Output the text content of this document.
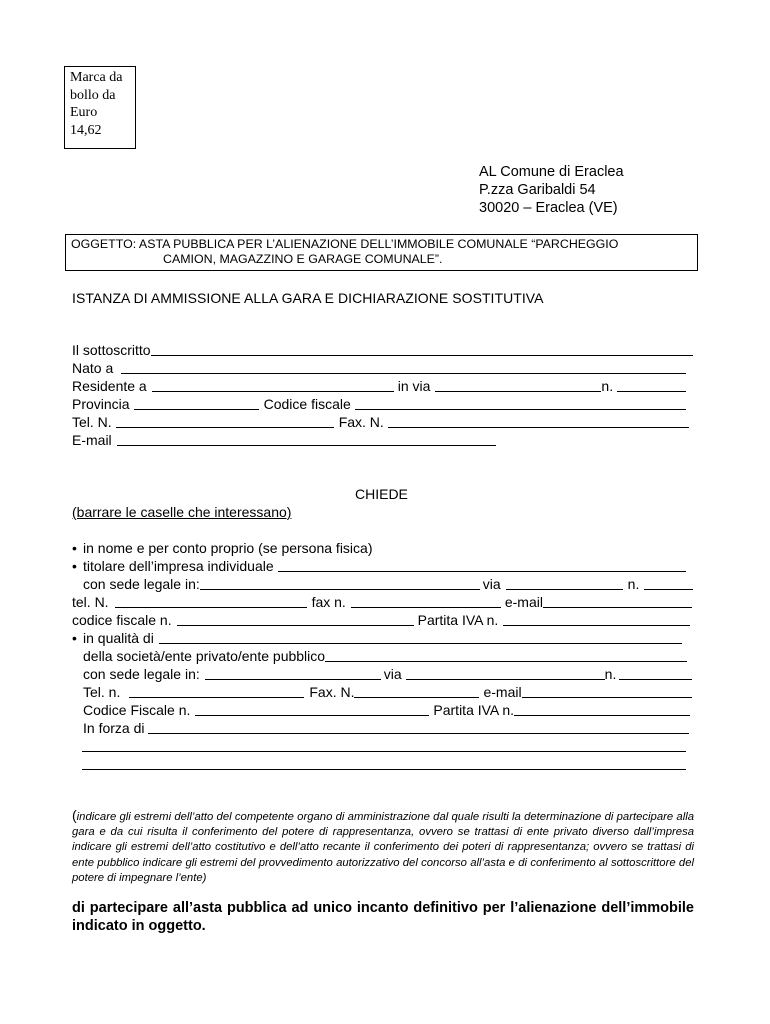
Marca da
bollo da
Euro
14,62
AL Comune di Eraclea
P.zza Garibaldi 54
30020 – Eraclea (VE)
OGGETTO: ASTA PUBBLICA PER L’ALIENAZIONE DELL’IMMOBILE COMUNALE “PARCHEGGIO
CAMION, MAGAZZINO E GARAGE COMUNALE”.
ISTANZA DI AMMISSIONE ALLA GARA E DICHIARAZIONE SOSTITUTIVA
Il sottoscritto
Nato a
Residente a	in via	n.
Provincia	Codice fiscale
Tel. N.	Fax. N.
E-mail
CHIEDE
(barrare le caselle che interessano)
• in nome e per conto proprio (se persona fisica)
• titolare dell’impresa individuale
con sede legale in:	via	n.
tel. N.	fax n.	e-mail
codice fiscale n.	Partita IVA n.
• in qualità di
della società/ente privato/ente pubblico
con sede legale in:	via	n.
Tel. n.	Fax. N.	e-mail
Codice Fiscale n.	Partita IVA n.
In forza di
(indicare gli estremi dell’atto del competente organo di amministrazione dal quale risulti la determinazione di partecipare alla gara e da cui risulta il conferimento del potere di rappresentanza, ovvero se trattasi di ente privato diverso dall’impresa indicare gli estremi dell’atto costitutivo e dell’atto recante il conferimento dei poteri di rappresentanza; ovvero se trattasi di ente pubblico indicare gli estremi del provvedimento autorizzativo del concorso all’asta e di conferimento al sottoscrittore del potere di impegnare l’ente)
di partecipare all’asta pubblica ad unico incanto definitivo per l’alienazione dell’immobile indicato in oggetto.
